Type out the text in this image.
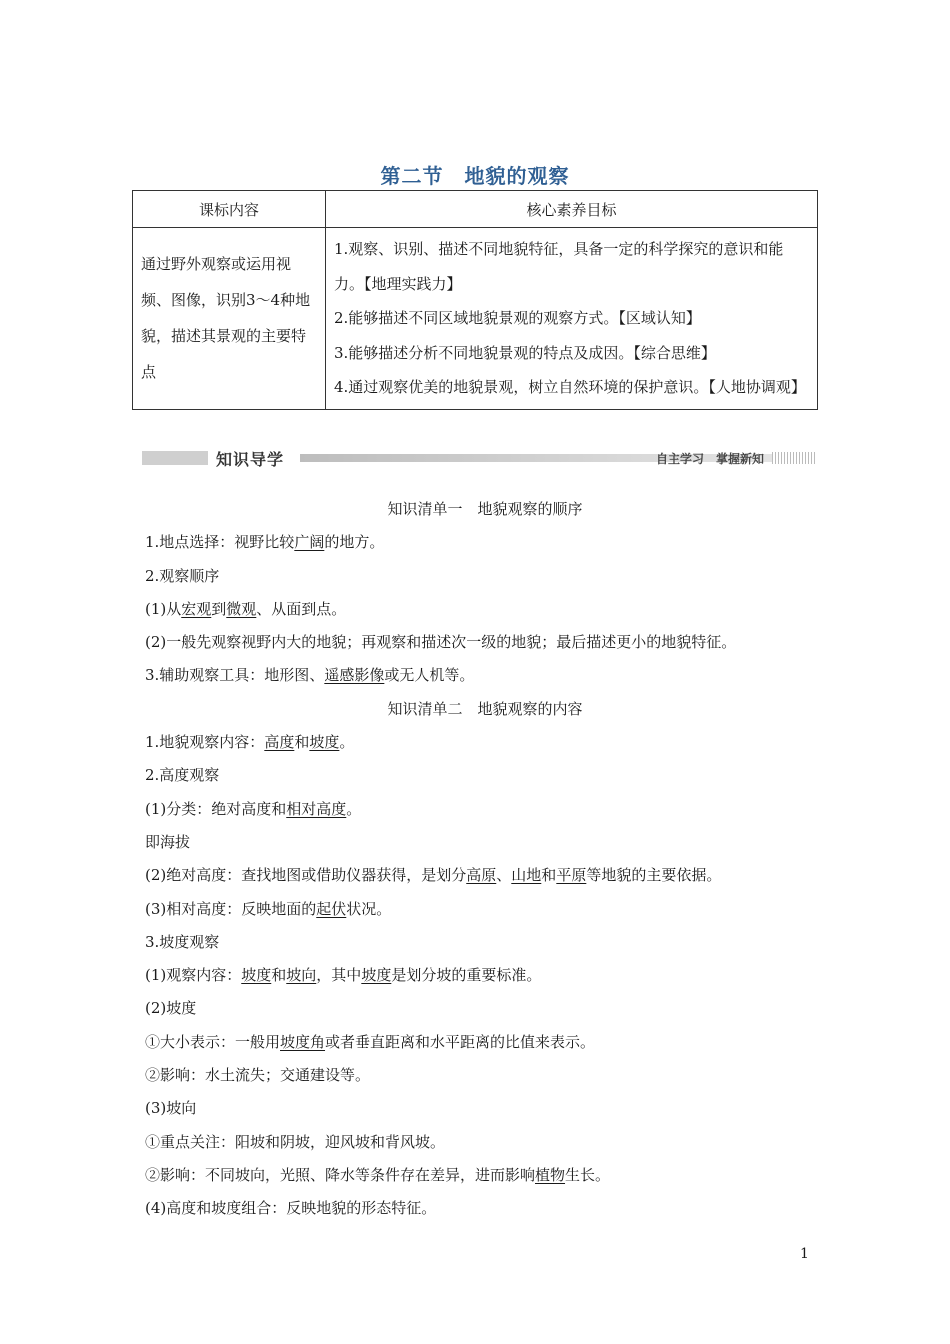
第二节　地貌的观察
课标内容	核心素养目标
通过野外观察或运用视频、图像，识别3～4种地貌，描述其景观的主要特点	1.观察、识别、描述不同地貌特征，具备一定的科学探究的意识和能力。【地理实践力】
2.能够描述不同区域地貌景观的观察方式。【区域认知】
3.能够描述分析不同地貌景观的特点及成因。【综合思维】
4.通过观察优美的地貌景观，树立自然环境的保护意识。【人地协调观】
知识导学	自主学习　掌握新知
知识清单一　地貌观察的顺序
1.地点选择：视野比较广阔的地方。
2.观察顺序
(1)从宏观到微观、从面到点。
(2)一般先观察视野内大的地貌；再观察和描述次一级的地貌；最后描述更小的地貌特征。
3.辅助观察工具：地形图、遥感影像或无人机等。
知识清单二　地貌观察的内容
1.地貌观察内容：高度和坡度。
2.高度观察
(1)分类：绝对高度和相对高度。
即海拔
(2)绝对高度：查找地图或借助仪器获得，是划分高原、山地和平原等地貌的主要依据。
(3)相对高度：反映地面的起伏状况。
3.坡度观察
(1)观察内容：坡度和坡向，其中坡度是划分坡的重要标准。
(2)坡度
①大小表示：一般用坡度角或者垂直距离和水平距离的比值来表示。
②影响：水土流失；交通建设等。
(3)坡向
①重点关注：阳坡和阴坡，迎风坡和背风坡。
②影响：不同坡向，光照、降水等条件存在差异，进而影响植物生长。
(4)高度和坡度组合：反映地貌的形态特征。
1
